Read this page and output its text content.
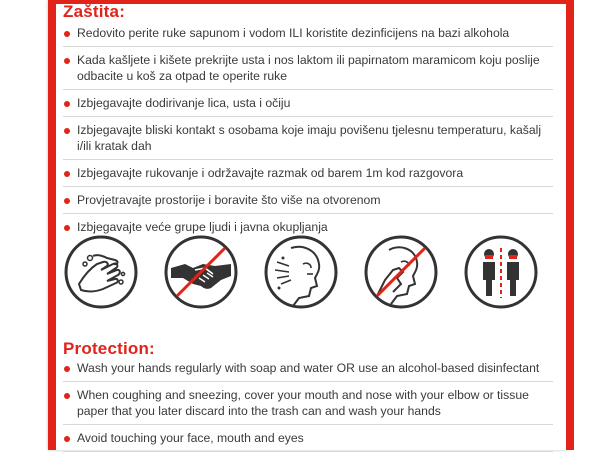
Zaštita:
Redovito perite ruke sapunom i vodom ILI koristite dezinficijens na bazi alkohola
Kada kašljete i kišete prekrijte usta i nos laktom ili papirnatom maramicom koju poslije odbacite u koš za otpad te operite ruke
Izbjegavajte dodirivanje lica, usta i očiju
Izbjegavajte bliski kontakt s osobama koje imaju povišenu tjelesnu temperaturu, kašalj i/ili kratak dah
Izbjegavajte rukovanje i održavajte razmak od barem 1m kod razgovora
Provjetravajte prostorije i boravite što više na otvorenom
Izbjegavajte veće grupe ljudi i javna okupljanja
Protection:
Wash your hands regularly with soap and water OR use an alcohol-based disinfectant
When coughing and sneezing, cover your mouth and nose with your elbow or tissue paper that you later discard into the trash can and wash your hands
Avoid touching your face, mouth and eyes
